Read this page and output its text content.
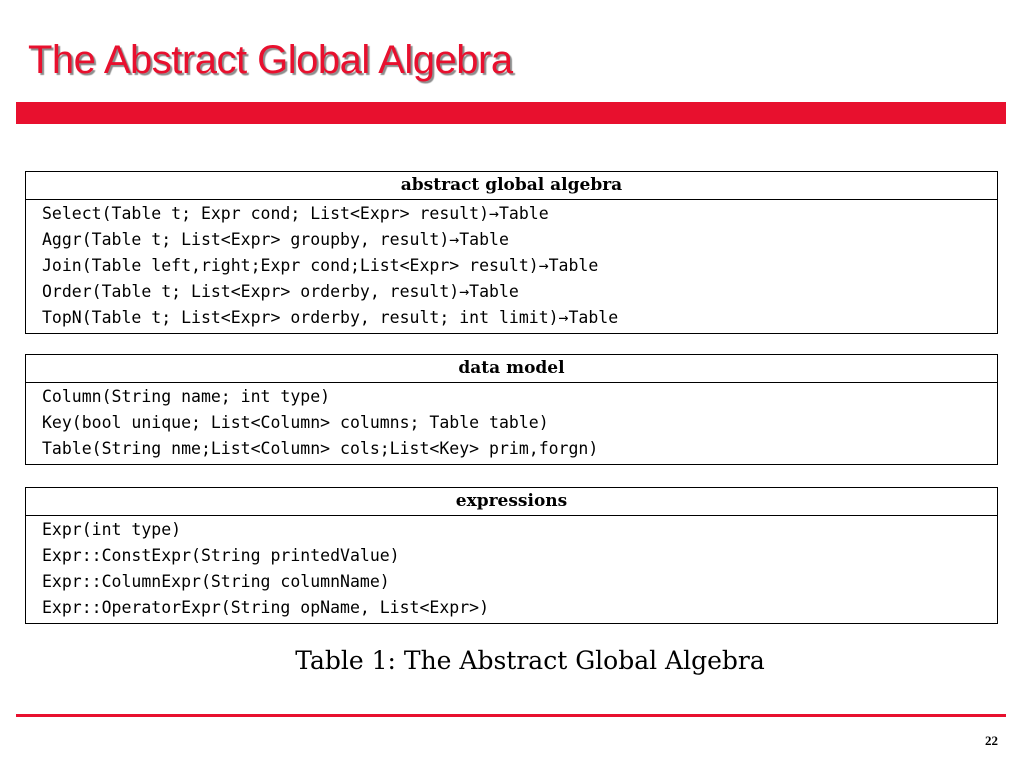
The Abstract Global Algebra
abstract global algebra
Select(Table t; Expr cond; List<Expr> result)→Table
Aggr(Table t; List<Expr> groupby, result)→Table
Join(Table left,right;Expr cond;List<Expr> result)→Table
Order(Table t; List<Expr> orderby, result)→Table
TopN(Table t; List<Expr> orderby, result; int limit)→Table
data model
Column(String name; int type)
Key(bool unique; List<Column> columns; Table table)
Table(String nme;List<Column> cols;List<Key> prim,forgn)
expressions
Expr(int type)
Expr::ConstExpr(String printedValue)
Expr::ColumnExpr(String columnName)
Expr::OperatorExpr(String opName, List<Expr>)
Table 1: The Abstract Global Algebra
22
